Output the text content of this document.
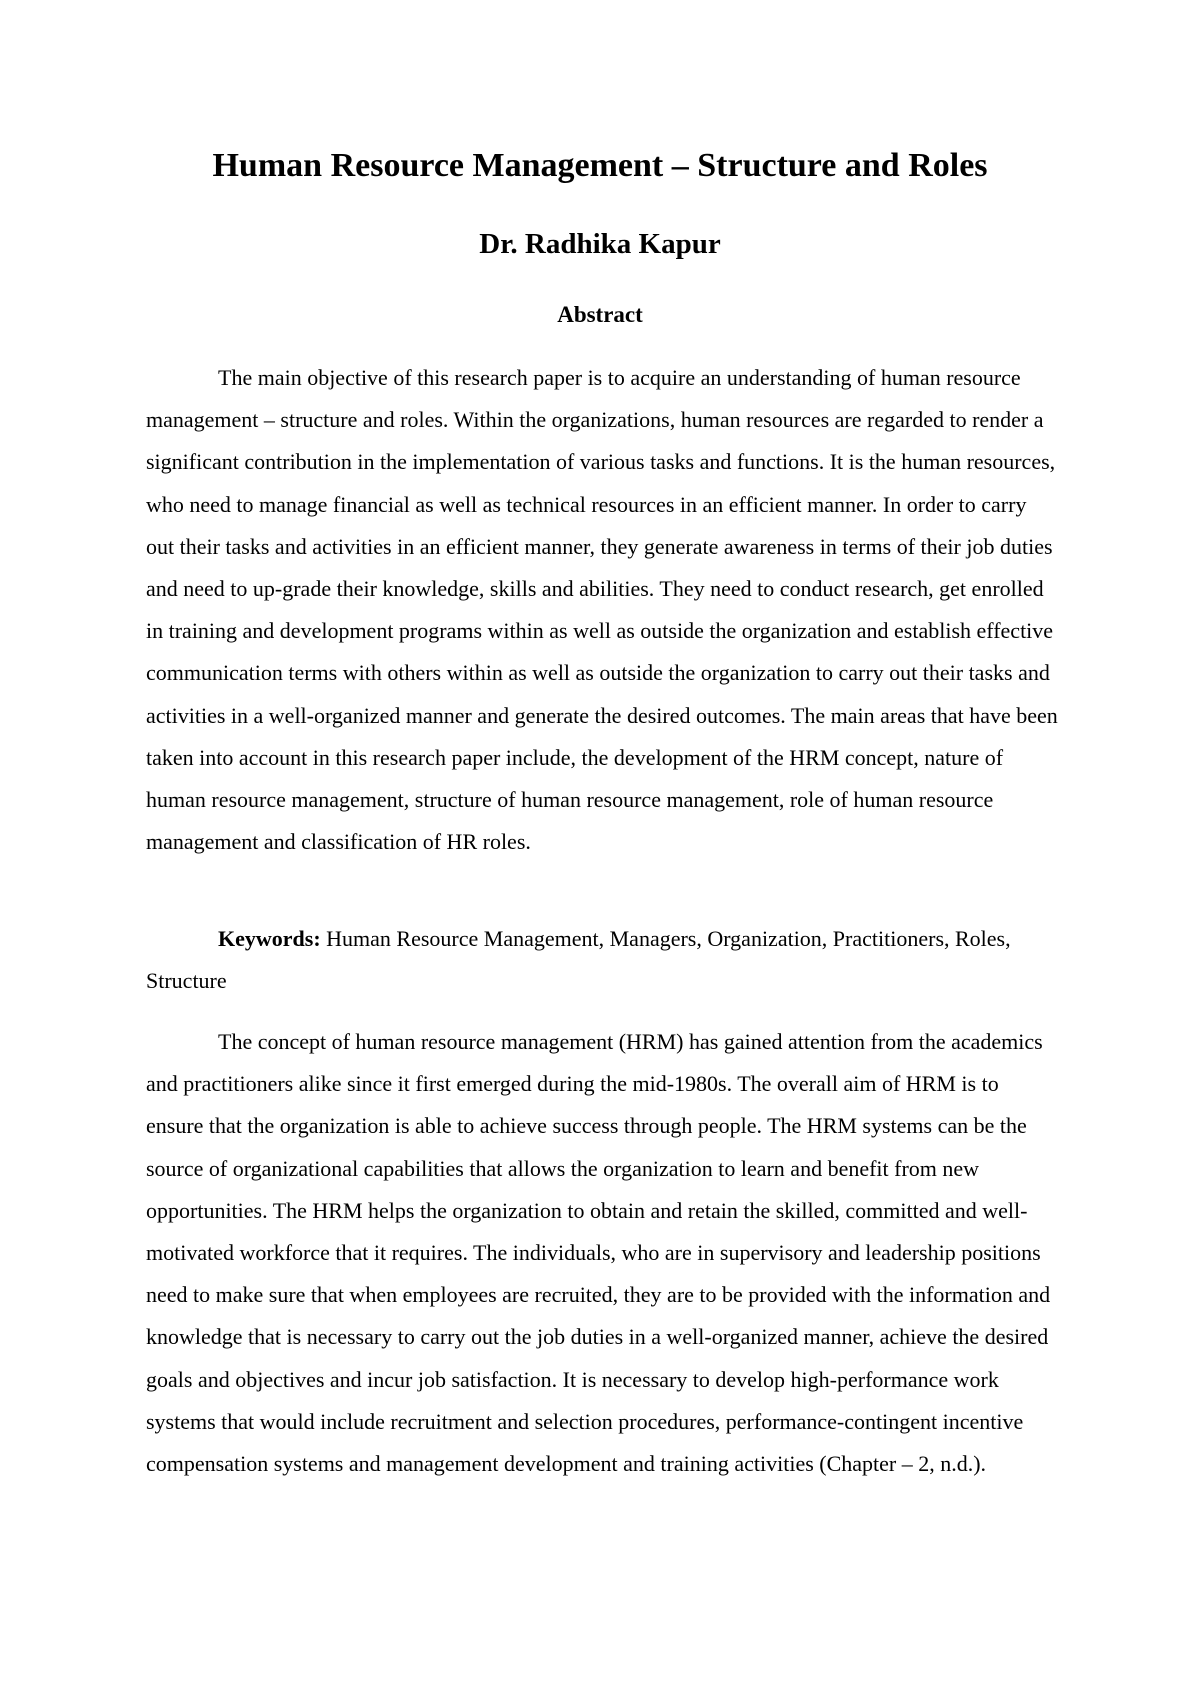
Human Resource Management – Structure and Roles
Dr. Radhika Kapur
Abstract

The main objective of this research paper is to acquire an understanding of human resource management – structure and roles. Within the organizations, human resources are regarded to render a significant contribution in the implementation of various tasks and functions. It is the human resources, who need to manage financial as well as technical resources in an efficient manner. In order to carry out their tasks and activities in an efficient manner, they generate awareness in terms of their job duties and need to up-grade their knowledge, skills and abilities. They need to conduct research, get enrolled in training and development programs within as well as outside the organization and establish effective communication terms with others within as well as outside the organization to carry out their tasks and activities in a well-organized manner and generate the desired outcomes. The main areas that have been taken into account in this research paper include, the development of the HRM concept, nature of human resource management, structure of human resource management, role of human resource management and classification of HR roles.

Keywords: Human Resource Management, Managers, Organization, Practitioners, Roles, Structure

The concept of human resource management (HRM) has gained attention from the academics and practitioners alike since it first emerged during the mid-1980s. The overall aim of HRM is to ensure that the organization is able to achieve success through people. The HRM systems can be the source of organizational capabilities that allows the organization to learn and benefit from new opportunities. The HRM helps the organization to obtain and retain the skilled, committed and well-motivated workforce that it requires. The individuals, who are in supervisory and leadership positions need to make sure that when employees are recruited, they are to be provided with the information and knowledge that is necessary to carry out the job duties in a well-organized manner, achieve the desired goals and objectives and incur job satisfaction. It is necessary to develop high-performance work systems that would include recruitment and selection procedures, performance-contingent incentive compensation systems and management development and training activities (Chapter – 2, n.d.).
